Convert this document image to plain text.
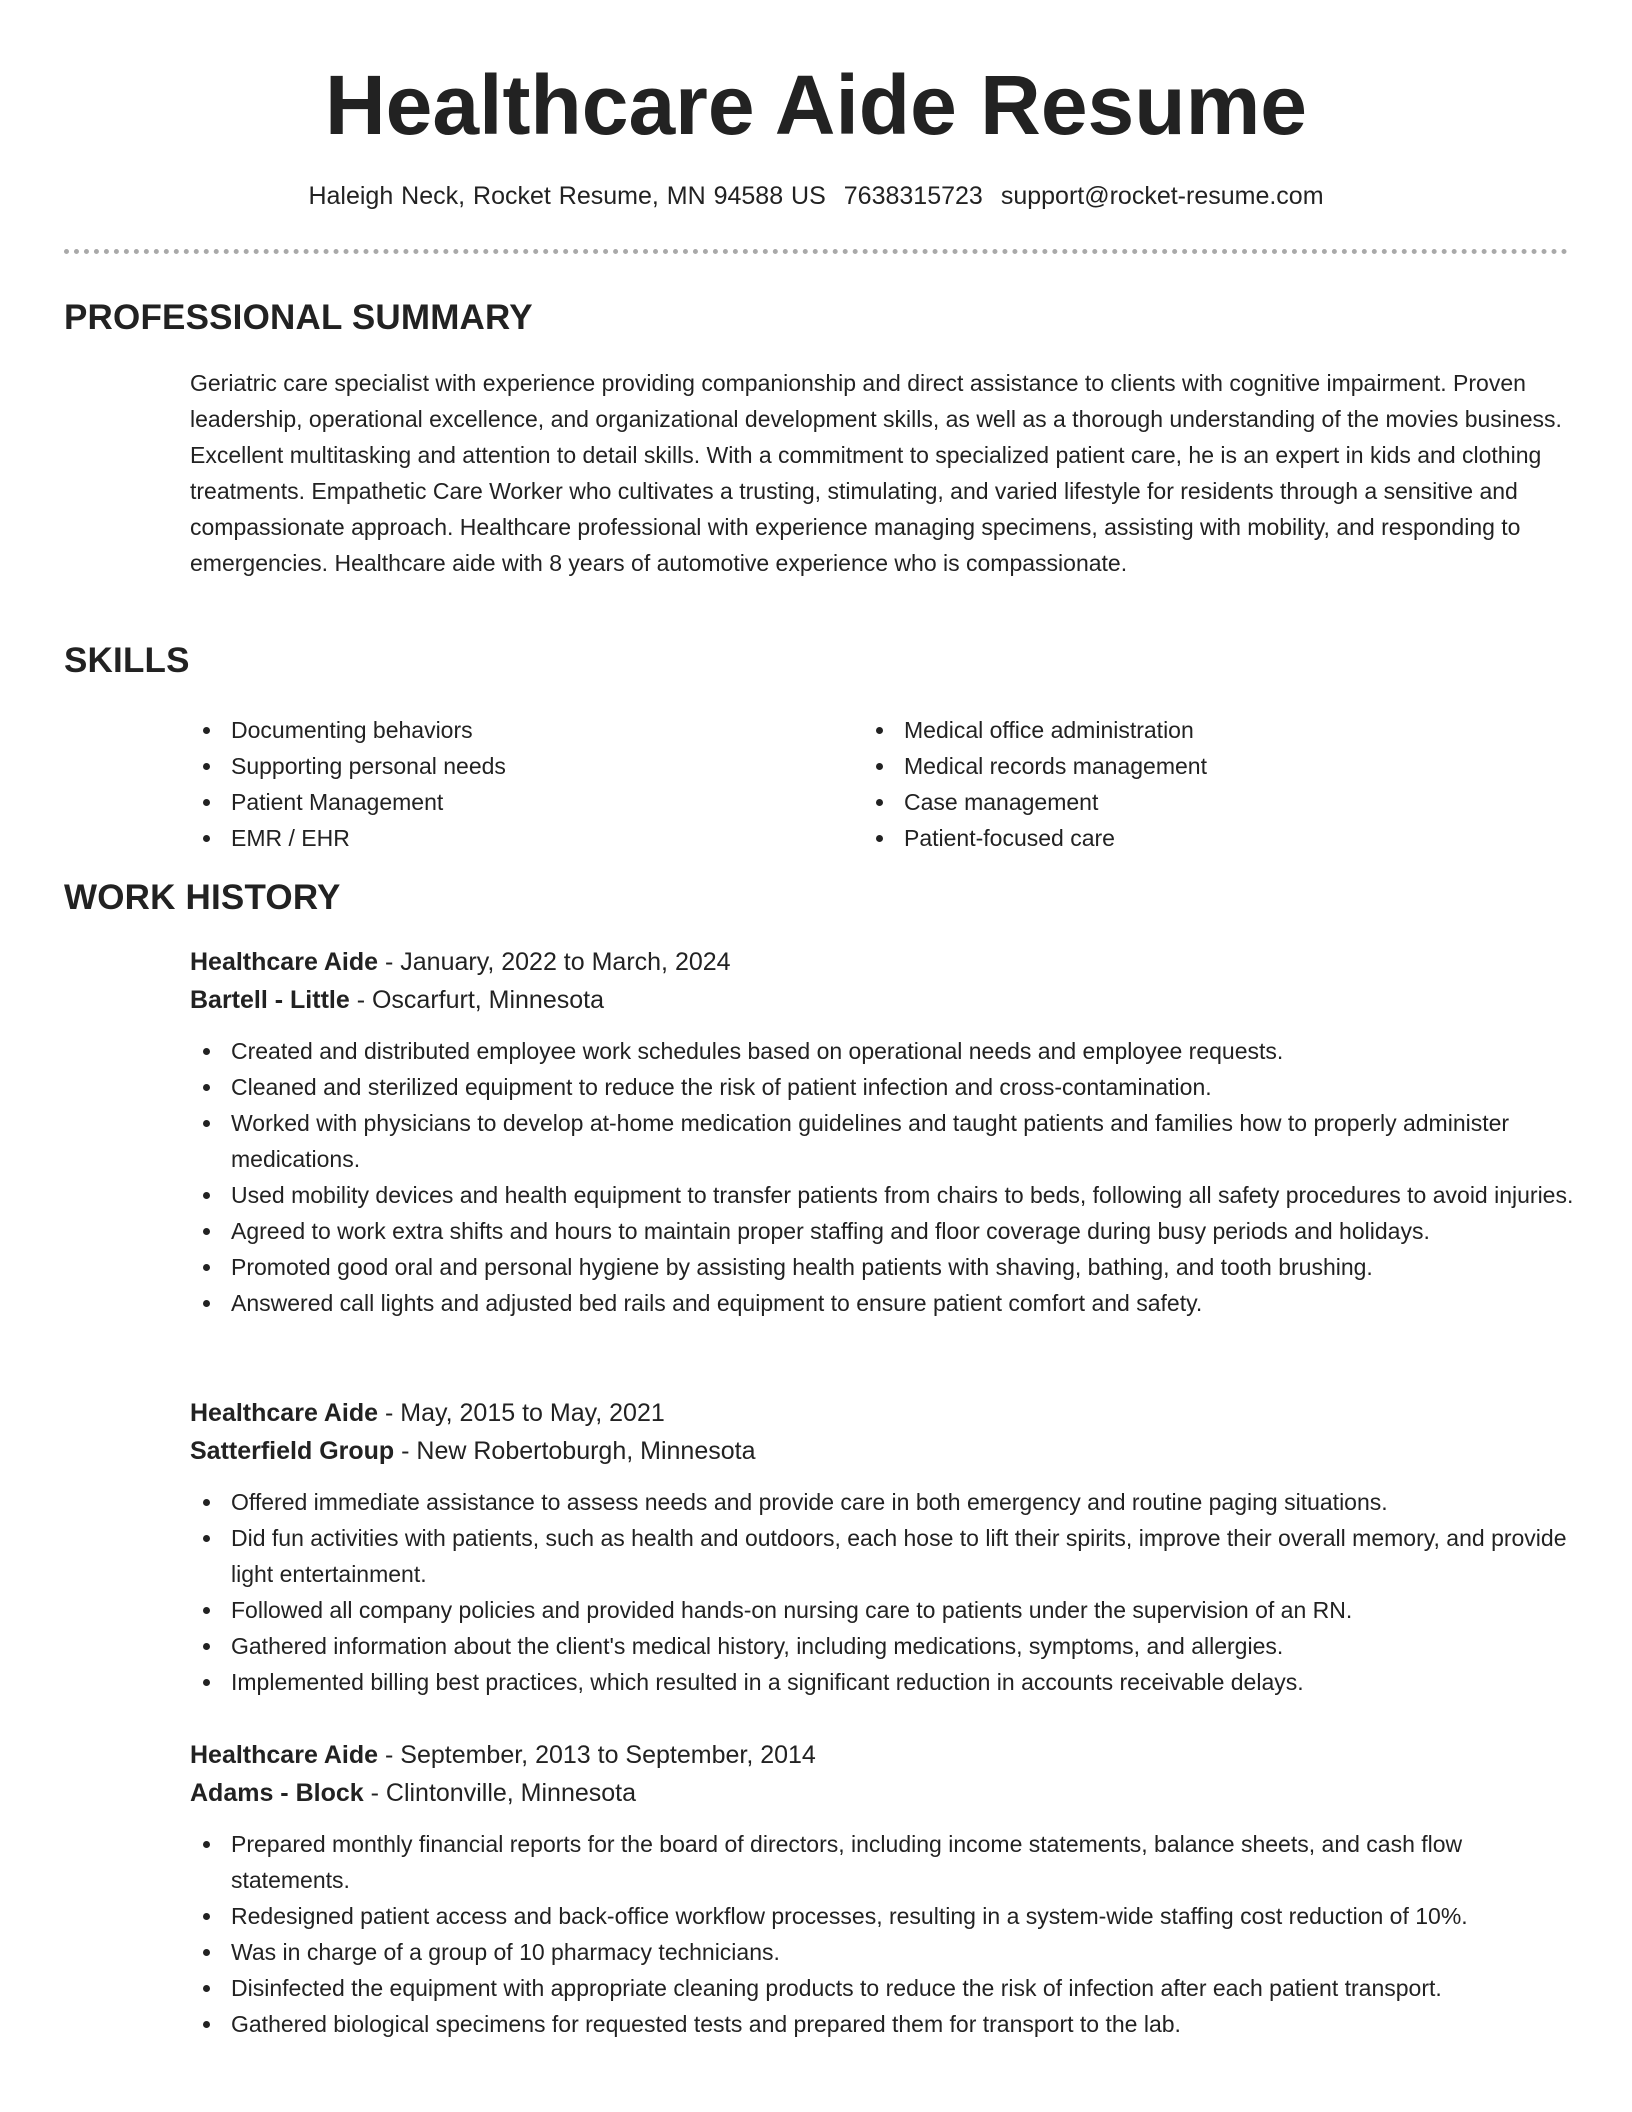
Healthcare Aide Resume
Haleigh Neck, Rocket Resume, MN 94588 US 7638315723 support@rocket-resume.com
PROFESSIONAL SUMMARY

Geriatric care specialist with experience providing companionship and direct assistance to clients with cognitive impairment. Proven leadership, operational excellence, and organizational development skills, as well as a thorough understanding of the movies business. Excellent multitasking and attention to detail skills. With a commitment to specialized patient care, he is an expert in kids and clothing treatments. Empathetic Care Worker who cultivates a trusting, stimulating, and varied lifestyle for residents through a sensitive and compassionate approach. Healthcare professional with experience managing specimens, assisting with mobility, and responding to emergencies. Healthcare aide with 8 years of automotive experience who is compassionate.

SKILLS
Documenting behaviors
Supporting personal needs
Patient Management
EMR / EHR
Medical office administration
Medical records management
Case management
Patient-focused care
WORK HISTORY
Healthcare Aide - January, 2022 to March, 2024
Bartell - Little - Oscarfurt, Minnesota
Created and distributed employee work schedules based on operational needs and employee requests.
Cleaned and sterilized equipment to reduce the risk of patient infection and cross-contamination.
Worked with physicians to develop at-home medication guidelines and taught patients and families how to properly administer medications.
Used mobility devices and health equipment to transfer patients from chairs to beds, following all safety procedures to avoid injuries.
Agreed to work extra shifts and hours to maintain proper staffing and floor coverage during busy periods and holidays.
Promoted good oral and personal hygiene by assisting health patients with shaving, bathing, and tooth brushing.
Answered call lights and adjusted bed rails and equipment to ensure patient comfort and safety.
Healthcare Aide - May, 2015 to May, 2021
Satterfield Group - New Robertoburgh, Minnesota
Offered immediate assistance to assess needs and provide care in both emergency and routine paging situations.
Did fun activities with patients, such as health and outdoors, each hose to lift their spirits, improve their overall memory, and provide light entertainment.
Followed all company policies and provided hands-on nursing care to patients under the supervision of an RN.
Gathered information about the client's medical history, including medications, symptoms, and allergies.
Implemented billing best practices, which resulted in a significant reduction in accounts receivable delays.
Healthcare Aide - September, 2013 to September, 2014
Adams - Block - Clintonville, Minnesota
Prepared monthly financial reports for the board of directors, including income statements, balance sheets, and cash flow statements.
Redesigned patient access and back-office workflow processes, resulting in a system-wide staffing cost reduction of 10%.
Was in charge of a group of 10 pharmacy technicians.
Disinfected the equipment with appropriate cleaning products to reduce the risk of infection after each patient transport.
Gathered biological specimens for requested tests and prepared them for transport to the lab.
